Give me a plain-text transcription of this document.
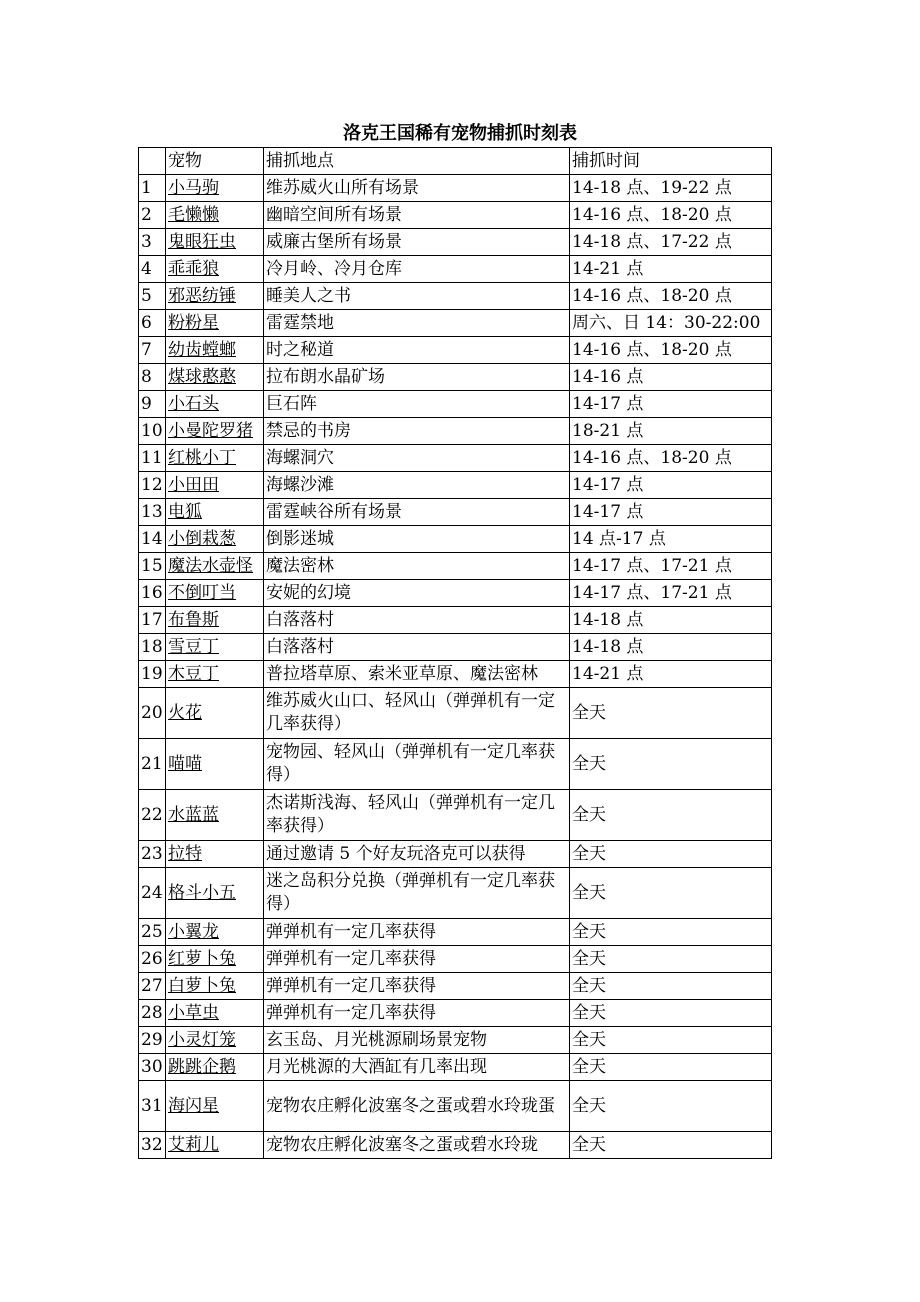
洛克王国稀有宠物捕抓时刻表
	宠物	捕抓地点	捕抓时间
1	小马驹	维苏威火山所有场景	14-18 点、19-22 点
2	毛懒懒	幽暗空间所有场景	14-16 点、18-20 点
3	鬼眼狂虫	威廉古堡所有场景	14-18 点、17-22 点
4	乖乖狼	冷月岭、冷月仓库	14-21 点
5	邪恶纺锤	睡美人之书	14-16 点、18-20 点
6	粉粉星	雷霆禁地	周六、日 14：30-22:00
7	幼齿螳螂	时之秘道	14-16 点、18-20 点
8	煤球憨憨	拉布朗水晶矿场	14-16 点
9	小石头	巨石阵	14-17 点
10	小曼陀罗猪	禁忌的书房	18-21 点
11	红桃小丁	海螺洞穴	14-16 点、18-20 点
12	小田田	海螺沙滩	14-17 点
13	电狐	雷霆峡谷所有场景	14-17 点
14	小倒栽葱	倒影迷城	14 点-17 点
15	魔法水壶怪	魔法密林	14-17 点、17-21 点
16	不倒叮当	安妮的幻境	14-17 点、17-21 点
17	布鲁斯	白落落村	14-18 点
18	雪豆丁	白落落村	14-18 点
19	木豆丁	普拉塔草原、索米亚草原、魔法密林	14-21 点
20	火花	维苏威火山口、轻风山（弹弹机有一定几率获得）	全天
21	喵喵	宠物园、轻风山（弹弹机有一定几率获得）	全天
22	水蓝蓝	杰诺斯浅海、轻风山（弹弹机有一定几率获得）	全天
23	拉特	通过邀请 5 个好友玩洛克可以获得	全天
24	格斗小五	迷之岛积分兑换（弹弹机有一定几率获得）	全天
25	小翼龙	弹弹机有一定几率获得	全天
26	红萝卜兔	弹弹机有一定几率获得	全天
27	白萝卜兔	弹弹机有一定几率获得	全天
28	小草虫	弹弹机有一定几率获得	全天
29	小灵灯笼	玄玉岛、月光桃源刷场景宠物	全天
30	跳跳企鹅	月光桃源的大酒缸有几率出现	全天
31	海闪星	宠物农庄孵化波塞冬之蛋或碧水玲珑蛋	全天
32	艾莉儿	宠物农庄孵化波塞冬之蛋或碧水玲珑	全天
